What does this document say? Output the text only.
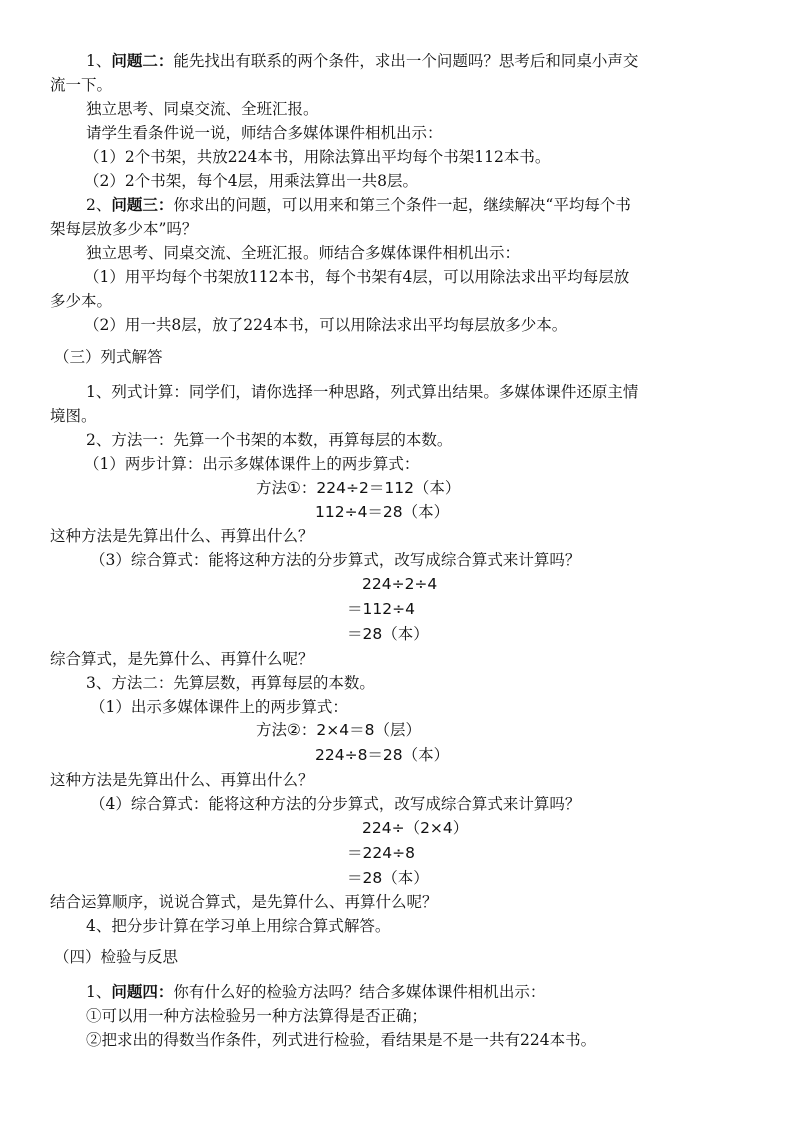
1、问题二：能先找出有联系的两个条件，求出一个问题吗？思考后和同桌小声交
流一下。
独立思考、同桌交流、全班汇报。
请学生看条件说一说，师结合多媒体课件相机出示：
（1）2个书架，共放224本书，用除法算出平均每个书架112本书。
（2）2个书架，每个4层，用乘法算出一共8层。
2、问题三：你求出的问题，可以用来和第三个条件一起，继续解决“平均每个书
架每层放多少本”吗？
独立思考、同桌交流、全班汇报。师结合多媒体课件相机出示：
（1）用平均每个书架放112本书，每个书架有4层，可以用除法求出平均每层放
多少本。
（2）用一共8层，放了224本书，可以用除法求出平均每层放多少本。
（三）列式解答
1、列式计算：同学们，请你选择一种思路，列式算出结果。多媒体课件还原主情
境图。
2、方法一：先算一个书架的本数，再算每层的本数。
（1）两步计算：出示多媒体课件上的两步算式：
方法①：224÷2＝112（本）
112÷4＝28（本）
这种方法是先算出什么、再算出什么？
（3）综合算式：能将这种方法的分步算式，改写成综合算式来计算吗？
224÷2÷4
＝112÷4
＝28（本）
综合算式，是先算什么、再算什么呢？
3、方法二：先算层数，再算每层的本数。
（1）出示多媒体课件上的两步算式：
方法②：2×4＝8（层）
224÷8＝28（本）
这种方法是先算出什么、再算出什么？
（4）综合算式：能将这种方法的分步算式，改写成综合算式来计算吗？
224÷（2×4）
＝224÷8
＝28（本）
结合运算顺序，说说合算式，是先算什么、再算什么呢？
4、把分步计算在学习单上用综合算式解答。
（四）检验与反思
1、问题四：你有什么好的检验方法吗？结合多媒体课件相机出示：
①可以用一种方法检验另一种方法算得是否正确；
②把求出的得数当作条件，列式进行检验，看结果是不是一共有224本书。
